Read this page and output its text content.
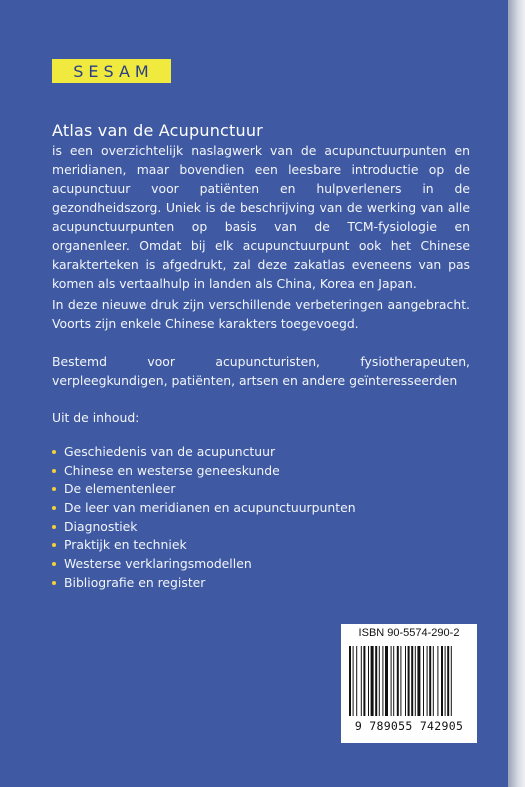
SESAM
Atlas van de Acupunctuur
is een overzichtelijk naslagwerk van de acupunctuurpunten en meridianen, maar bovendien een leesbare introductie op de acupunctuur voor patiënten en hulpverleners in de gezondheidszorg. Uniek is de beschrijving van de werking van alle acupunctuurpunten op basis van de TCM-fysiologie en organenleer. Omdat bij elk acupunctuurpunt ook het Chinese karakterteken is afgedrukt, zal deze zakatlas eveneens van pas komen als vertaalhulp in landen als China, Korea en Japan.
In deze nieuwe druk zijn verschillende verbeteringen aangebracht. Voorts zijn enkele Chinese karakters toegevoegd.
Bestemd voor acupuncturisten, fysiotherapeuten, verpleegkundigen, patiënten, artsen en andere geïnteresseerden
Uit de inhoud:
Geschiedenis van de acupunctuur
Chinese en westerse geneeskunde
De elementenleer
De leer van meridianen en acupunctuurpunten
Diagnostiek
Praktijk en techniek
Westerse verklaringsmodellen
Bibliografie en register
ISBN 90-5574-290-2
9 789055 742905
